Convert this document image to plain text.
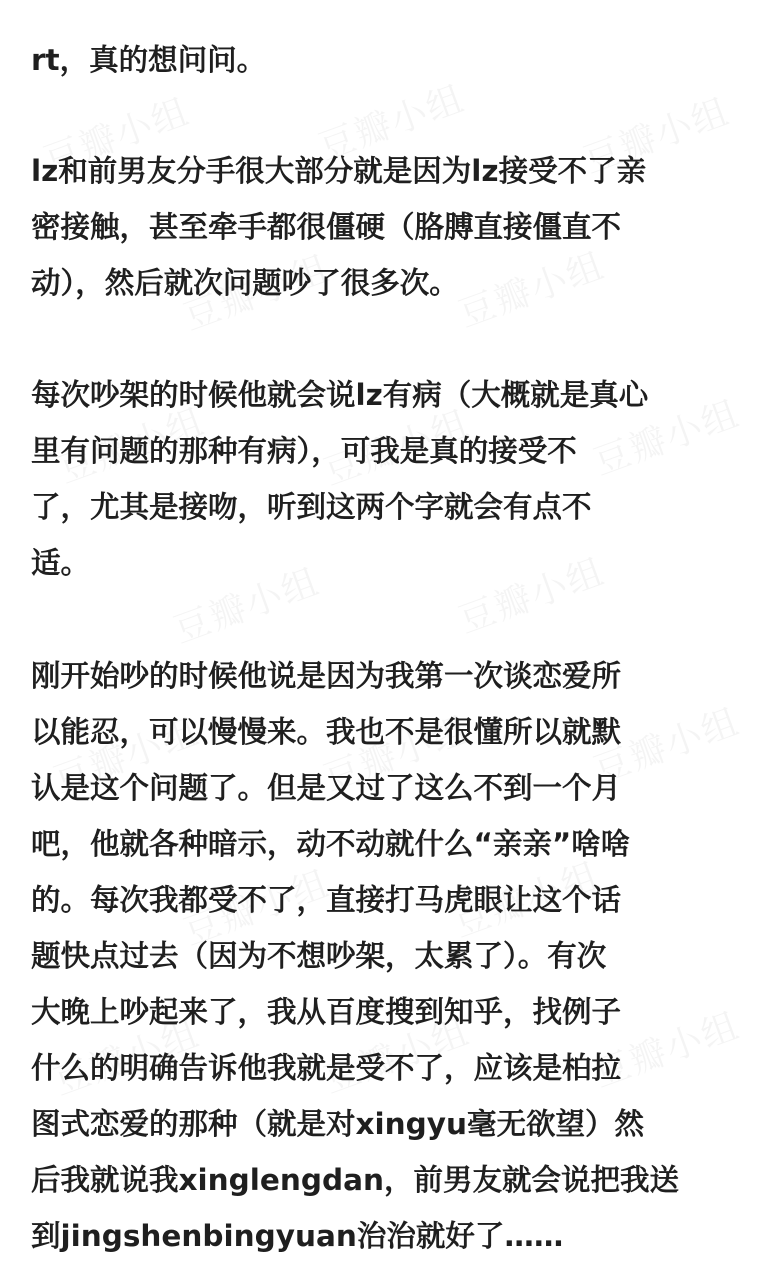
rt，真的想问问。

lz和前男友分手很大部分就是因为lz接受不了亲
密接触，甚至牵手都很僵硬（胳膊直接僵直不
动），然后就次问题吵了很多次。

每次吵架的时候他就会说lz有病（大概就是真心
里有问题的那种有病），可我是真的接受不
了，尤其是接吻，听到这两个字就会有点不
适。

刚开始吵的时候他说是因为我第一次谈恋爱所
以能忍，可以慢慢来。我也不是很懂所以就默
认是这个问题了。但是又过了这么不到一个月
吧，他就各种暗示，动不动就什么“亲亲”啥啥
的。每次我都受不了，直接打马虎眼让这个话
题快点过去（因为不想吵架，太累了）。有次
大晚上吵起来了，我从百度搜到知乎，找例子
什么的明确告诉他我就是受不了，应该是柏拉
图式恋爱的那种（就是对xingyu毫无欲望）然
后我就说我xinglengdan，前男友就会说把我送
到jingshenbingyuan治治就好了……
